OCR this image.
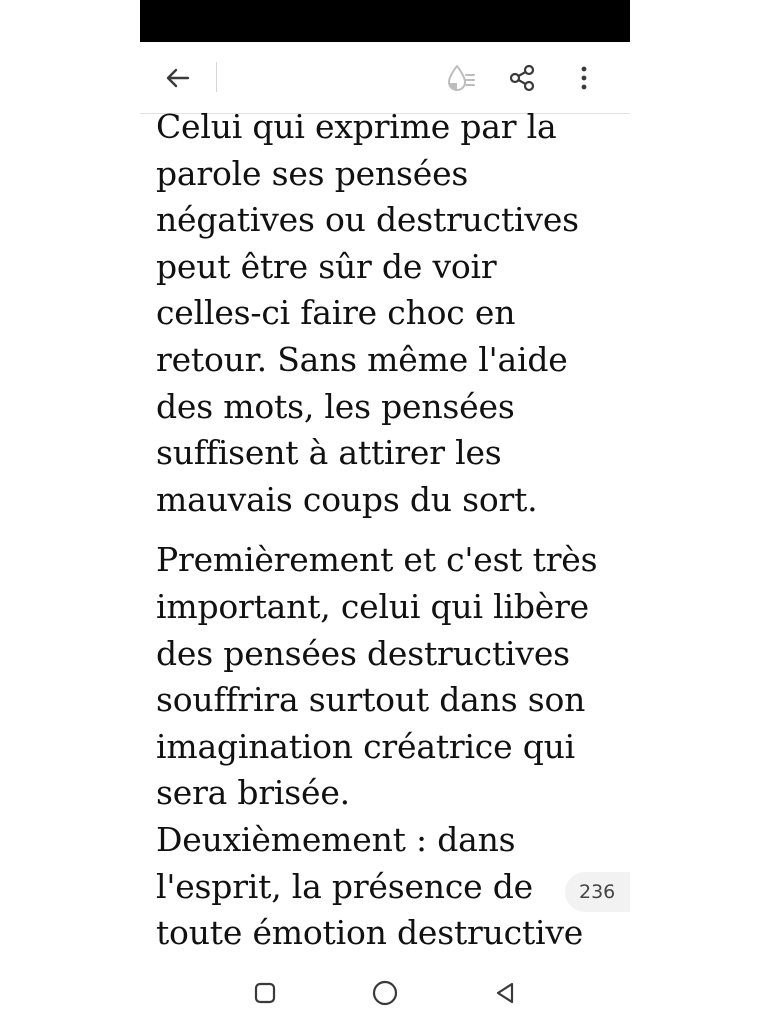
Celui qui exprime par la
parole ses pensées
négatives ou destructives
peut être sûr de voir
celles-ci faire choc en
retour. Sans même l'aide
des mots, les pensées
suffisent à attirer les
mauvais coups du sort.

Premièrement et c'est très
important, celui qui libère
des pensées destructives
souffrira surtout dans son
imagination créatrice qui
sera brisée.
Deuxièmement : dans
l'esprit, la présence de
toute émotion destructive

236
